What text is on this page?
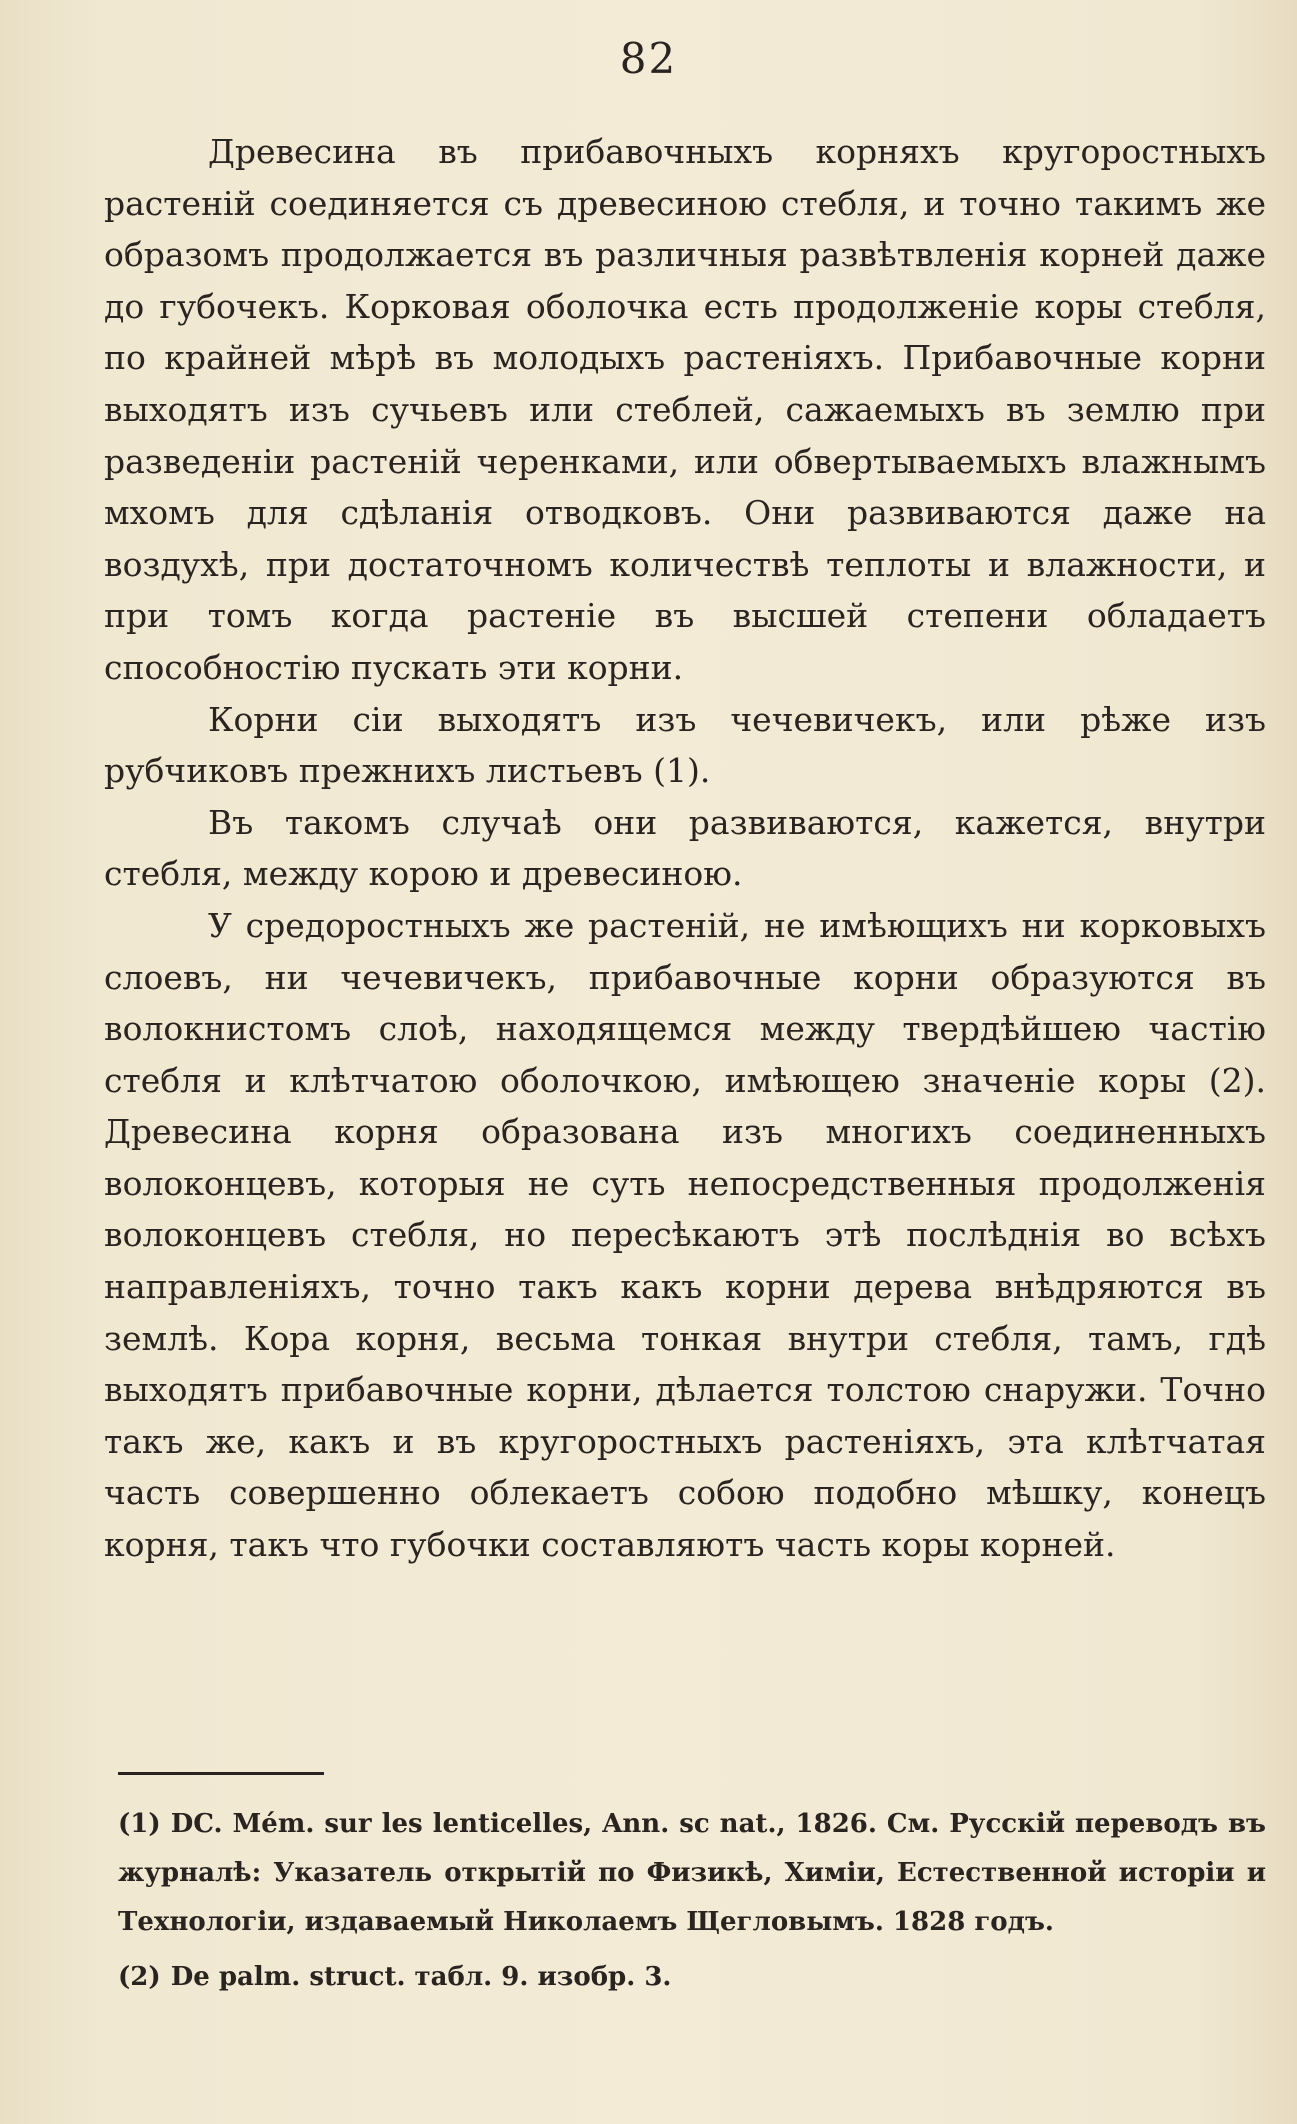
82

Древесина въ прибавочныхъ корняхъ кругоростныхъ растенiй соединяется съ древесиною стебля, и точно такимъ же образомъ продолжается въ различныя развѣтвленiя корней даже до губочекъ. Корковая оболочка есть продолженiе коры стебля, по крайней мѣрѣ въ молодыхъ растенiяхъ. Прибавочные корни выходятъ изъ сучьевъ или стеблей, сажаемыхъ въ землю при разведенiи растенiй черенками, или обвертываемыхъ влажнымъ мхомъ для сдѣланiя отводковъ. Они развиваются даже на воздухѣ, при достаточномъ количествѣ теплоты и влажности, и при томъ когда растенiе въ высшей степени обладаетъ способностiю пускать эти корни.

Корни сiи выходятъ изъ чечевичекъ, или рѣже изъ рубчиковъ прежнихъ листьевъ (1).

Въ такомъ случаѣ они развиваются, кажется, внутри стебля, между корою и древесиною.

У средоростныхъ же растенiй, не имѣющихъ ни корковыхъ слоевъ, ни чечевичекъ, прибавочные корни образуются въ волокнистомъ слоѣ, находящемся между твердѣйшею частiю стебля и клѣтчатою оболочкою, имѣющею значенiе коры (2). Древесина корня образована изъ многихъ соединенныхъ волоконцевъ, которыя не суть непосредственныя продолженiя волоконцевъ стебля, но пересѣкаютъ этѣ послѣднiя во всѣхъ направленiяхъ, точно такъ какъ корни дерева внѣдряются въ землѣ. Кора корня, весьма тонкая внутри стебля, тамъ, гдѣ выходятъ прибавочные корни, дѣлается толстою снаружи. Точно такъ же, какъ и въ кругоростныхъ растенiяхъ, эта клѣтчатая часть совершенно облекаетъ собою подобно мѣшку, конецъ корня, такъ что губочки составляютъ часть коры корней.

(1) DC. Mém. sur les lenticelles, Ann. sc nat., 1826. См. Русскiй переводъ въ журналѣ: Указатель открытiй по Физикѣ, Химiи, Естественной исторiи и Технологiи, издаваемый Николаемъ Щегловымъ. 1828 годъ.

(2) De palm. struct. табл. 9. изобр. 3.
